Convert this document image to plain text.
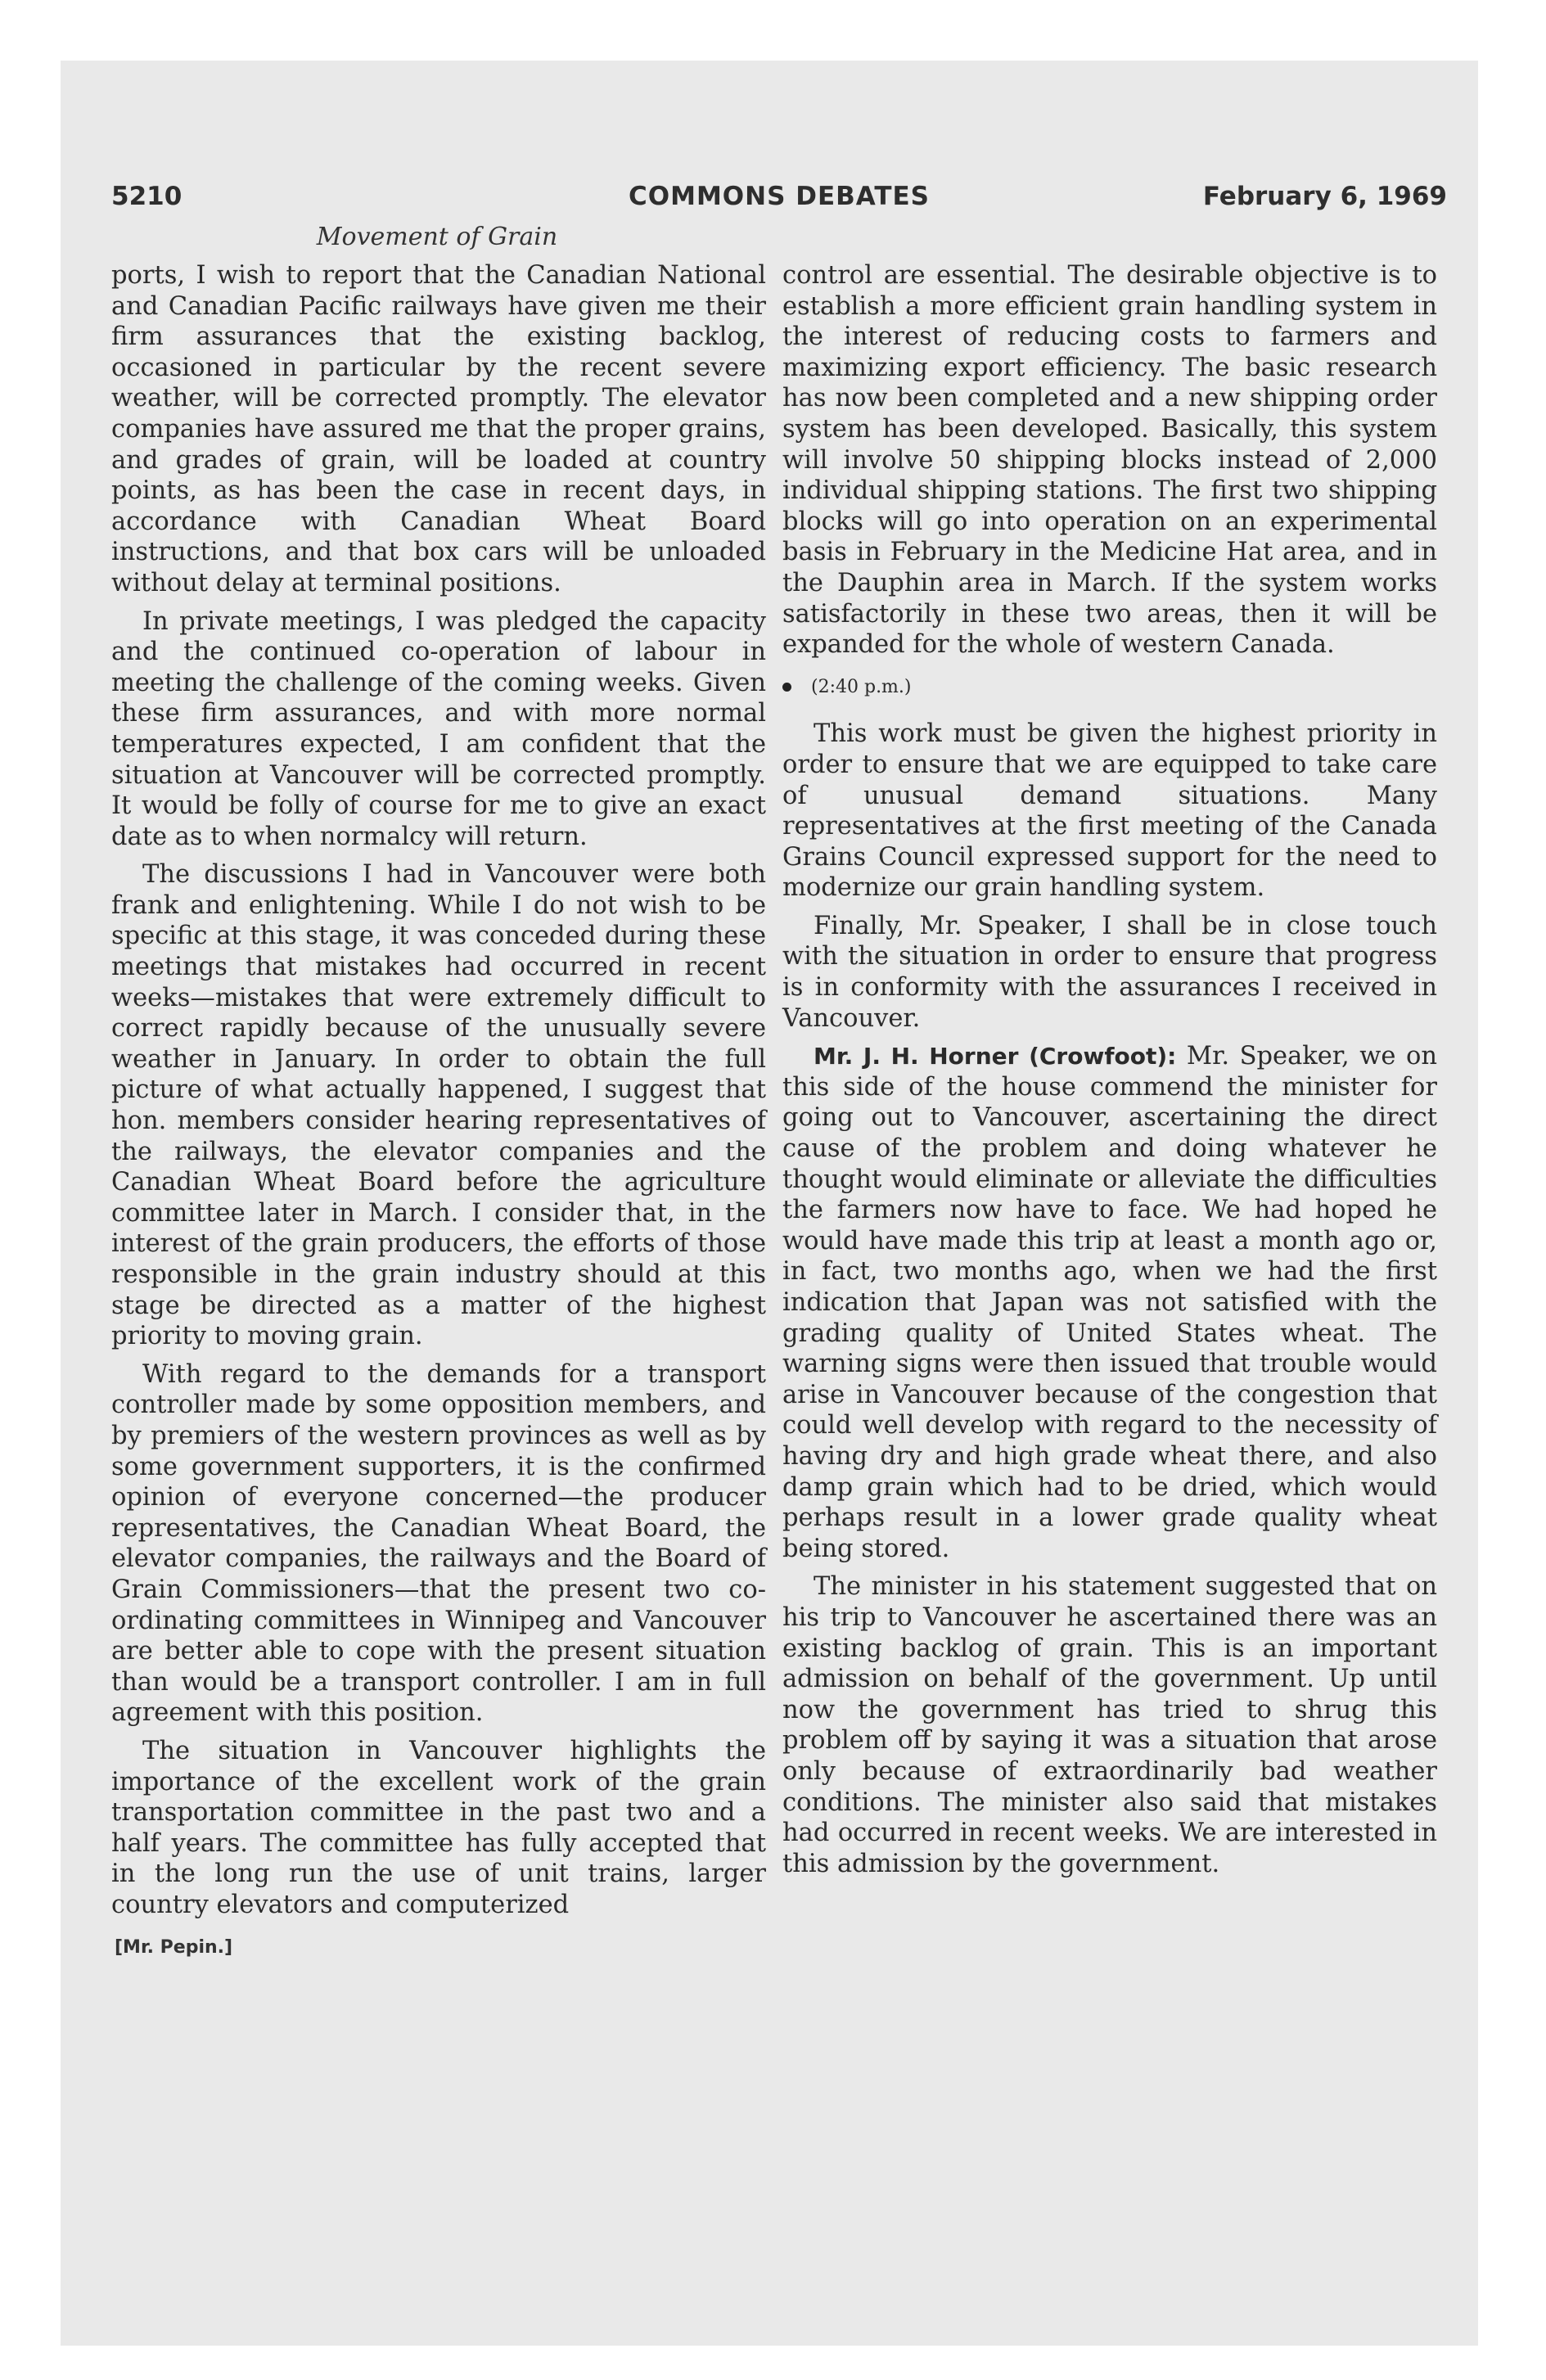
5210	COMMONS DEBATES	February 6, 1969
Movement of Grain

ports, I wish to report that the Canadian National and Canadian Pacific railways have given me their firm assurances that the existing backlog, occasioned in particular by the recent severe weather, will be corrected promptly. The elevator companies have assured me that the proper grains, and grades of grain, will be loaded at country points, as has been the case in recent days, in accordance with Canadian Wheat Board instructions, and that box cars will be unloaded without delay at terminal positions.

In private meetings, I was pledged the capacity and the continued co-operation of labour in meeting the challenge of the coming weeks. Given these firm assurances, and with more normal temperatures expected, I am confident that the situation at Vancouver will be corrected promptly. It would be folly of course for me to give an exact date as to when normalcy will return.

The discussions I had in Vancouver were both frank and enlightening. While I do not wish to be specific at this stage, it was conceded during these meetings that mistakes had occurred in recent weeks—mistakes that were extremely difficult to correct rapidly because of the unusually severe weather in January. In order to obtain the full picture of what actually happened, I suggest that hon. members consider hearing representatives of the railways, the elevator companies and the Canadian Wheat Board before the agriculture committee later in March. I consider that, in the interest of the grain producers, the efforts of those responsible in the grain industry should at this stage be directed as a matter of the highest priority to moving grain.

With regard to the demands for a transport controller made by some opposition members, and by premiers of the western provinces as well as by some government supporters, it is the confirmed opinion of everyone concerned—the producer representatives, the Canadian Wheat Board, the elevator companies, the railways and the Board of Grain Commissioners—that the present two co-ordinating committees in Winnipeg and Vancouver are better able to cope with the present situation than would be a transport controller. I am in full agreement with this position.

The situation in Vancouver highlights the importance of the excellent work of the grain transportation committee in the past two and a half years. The committee has fully accepted that in the long run the use of unit trains, larger country elevators and computerized

control are essential. The desirable objective is to establish a more efficient grain handling system in the interest of reducing costs to farmers and maximizing export efficiency. The basic research has now been completed and a new shipping order system has been developed. Basically, this system will involve 50 shipping blocks instead of 2,000 individual shipping stations. The first two shipping blocks will go into operation on an experimental basis in February in the Medicine Hat area, and in the Dauphin area in March. If the system works satisfactorily in these two areas, then it will be expanded for the whole of western Canada.

(2:40 p.m.)

This work must be given the highest priority in order to ensure that we are equipped to take care of unusual demand situations. Many representatives at the first meeting of the Canada Grains Council expressed support for the need to modernize our grain handling system.

Finally, Mr. Speaker, I shall be in close touch with the situation in order to ensure that progress is in conformity with the assurances I received in Vancouver.

Mr. J. H. Horner (Crowfoot): Mr. Speaker, we on this side of the house commend the minister for going out to Vancouver, ascertaining the direct cause of the problem and doing whatever he thought would eliminate or alleviate the difficulties the farmers now have to face. We had hoped he would have made this trip at least a month ago or, in fact, two months ago, when we had the first indication that Japan was not satisfied with the grading quality of United States wheat. The warning signs were then issued that trouble would arise in Vancouver because of the congestion that could well develop with regard to the necessity of having dry and high grade wheat there, and also damp grain which had to be dried, which would perhaps result in a lower grade quality wheat being stored.

The minister in his statement suggested that on his trip to Vancouver he ascertained there was an existing backlog of grain. This is an important admission on behalf of the government. Up until now the government has tried to shrug this problem off by saying it was a situation that arose only because of extraordinarily bad weather conditions. The minister also said that mistakes had occurred in recent weeks. We are interested in this admission by the government.

[Mr. Pepin.]
